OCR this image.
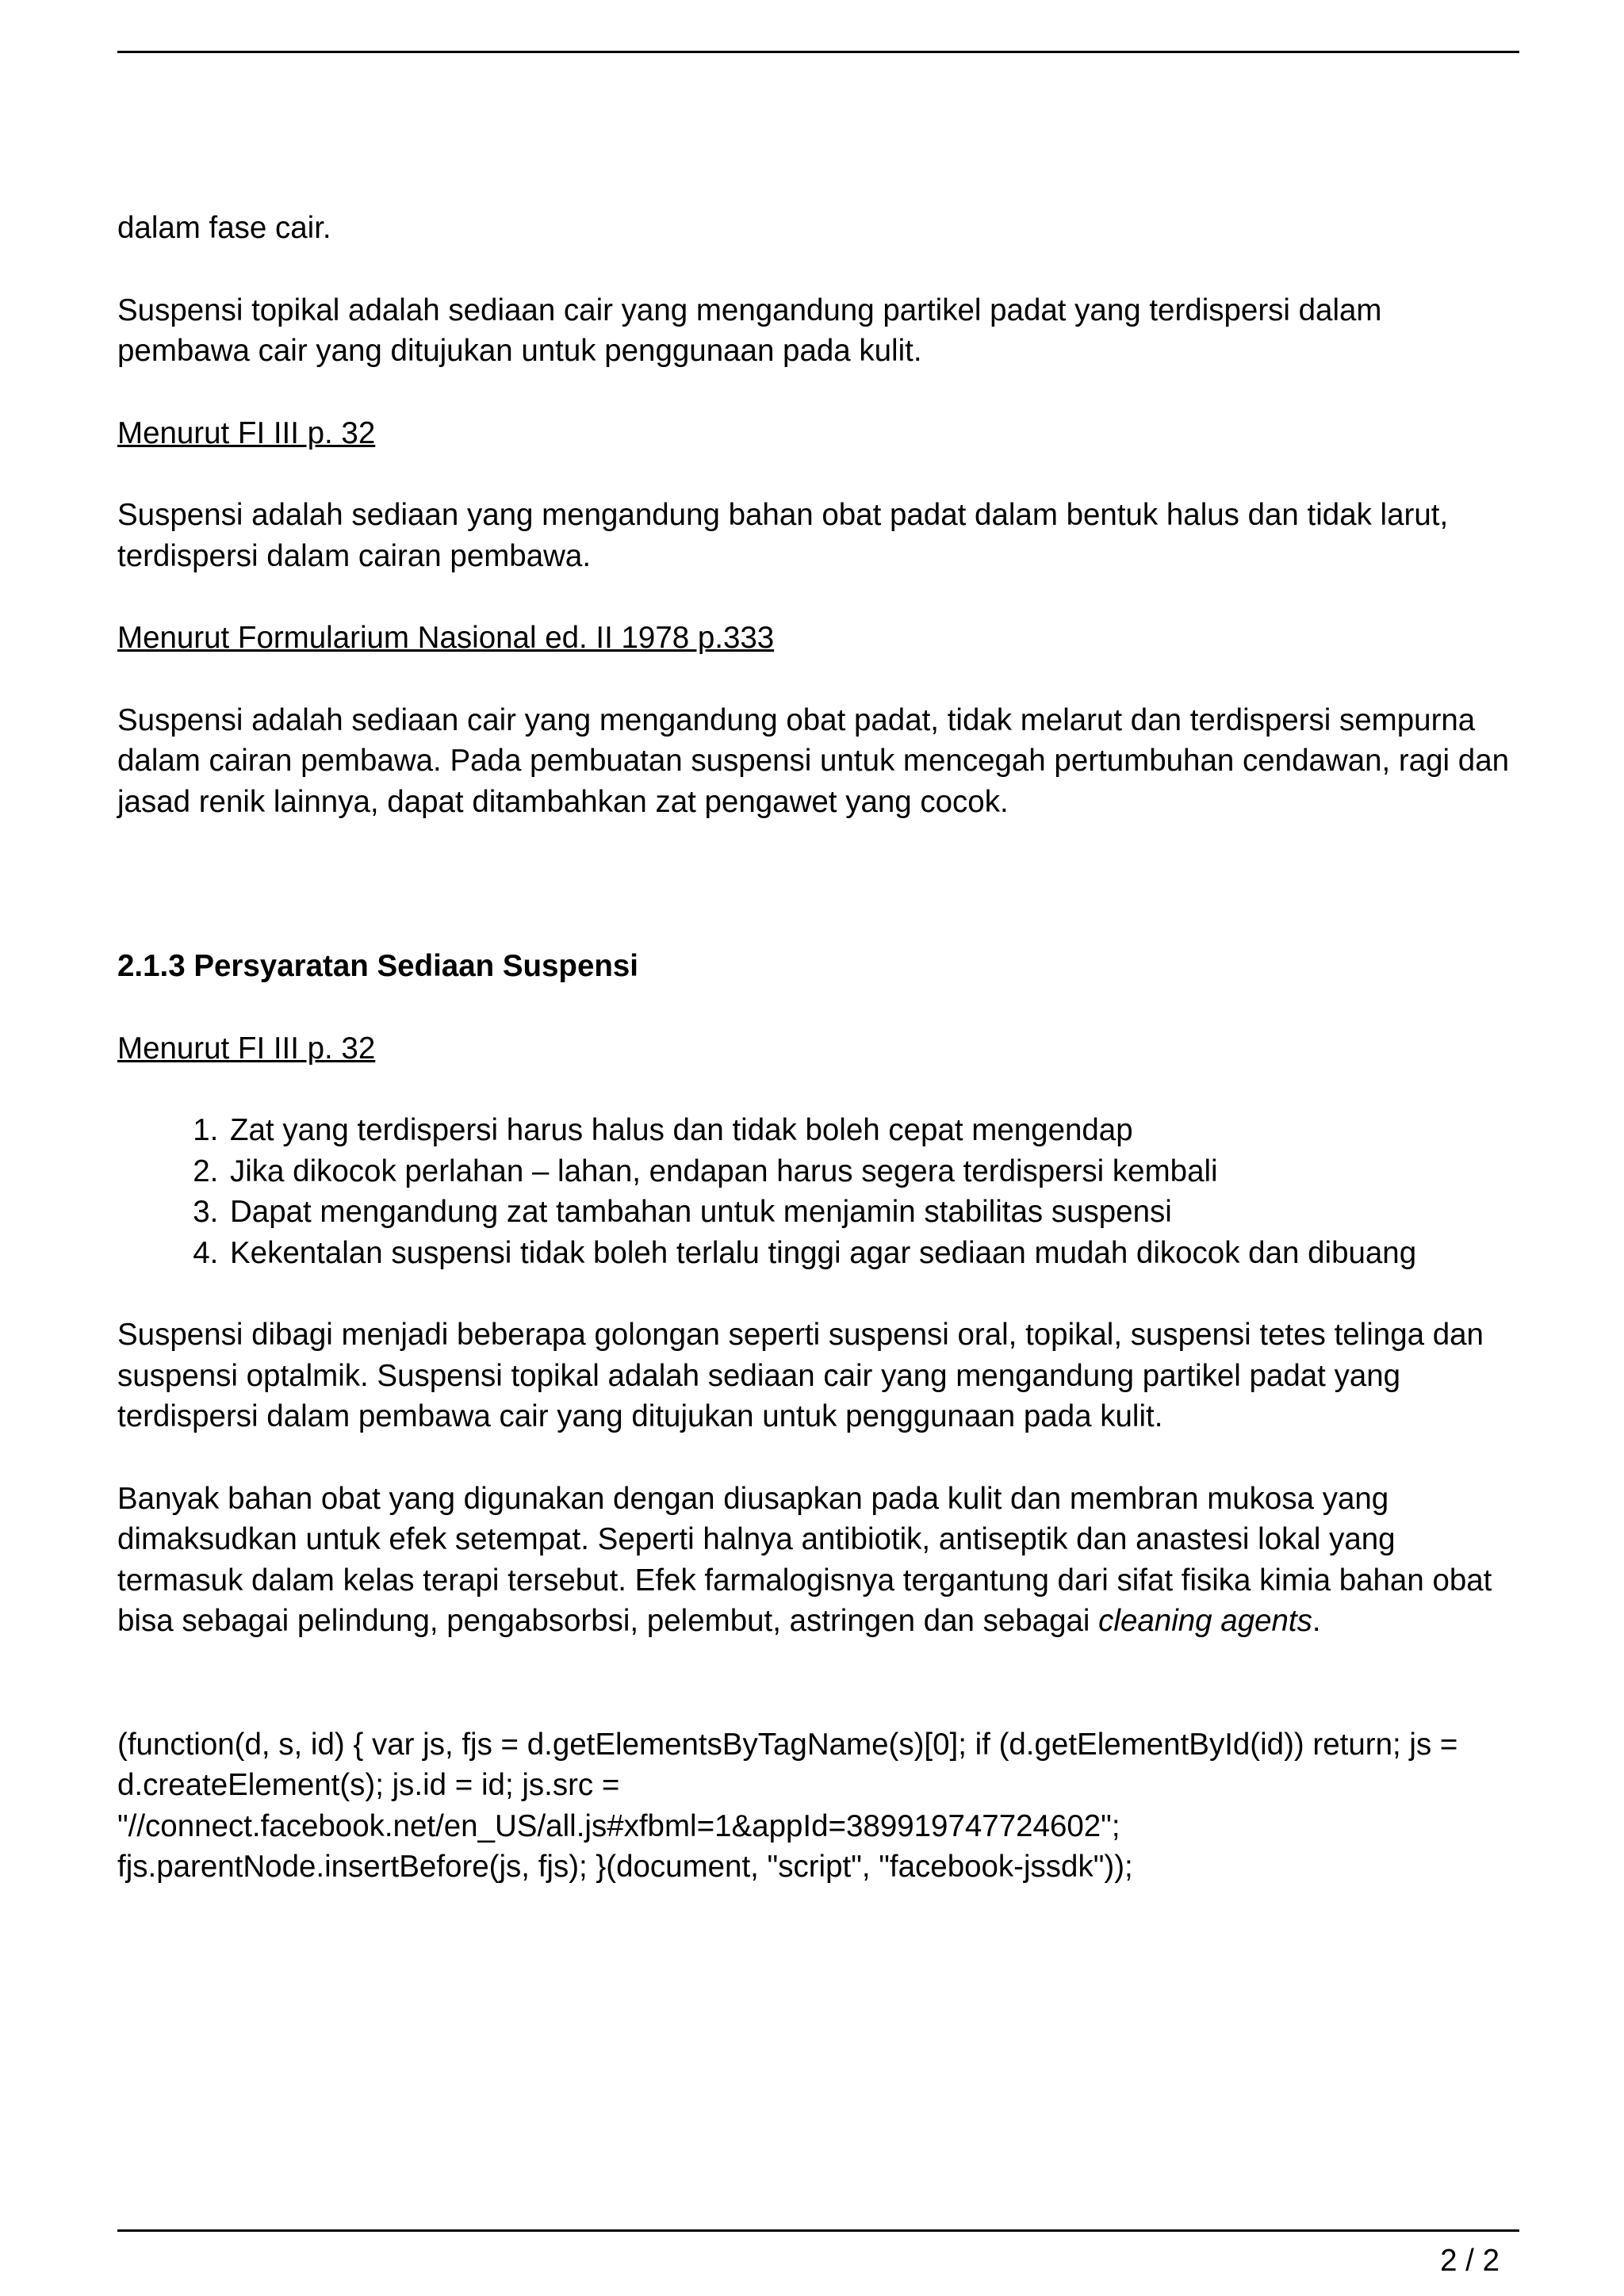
dalam fase cair.

Suspensi topikal adalah sediaan cair yang mengandung partikel padat yang terdispersi dalam pembawa cair yang ditujukan untuk penggunaan pada kulit.

Menurut FI III p. 32

Suspensi adalah sediaan yang mengandung bahan obat padat dalam bentuk halus dan tidak larut, terdispersi dalam cairan pembawa.

Menurut Formularium Nasional ed. II 1978 p.333

Suspensi adalah sediaan cair yang mengandung obat padat, tidak melarut dan terdispersi sempurna dalam cairan pembawa. Pada pembuatan suspensi untuk mencegah pertumbuhan cendawan, ragi dan jasad renik lainnya, dapat ditambahkan zat pengawet yang cocok.

2.1.3 Persyaratan Sediaan Suspensi

Menurut FI III p. 32

1. Zat yang terdispersi harus halus dan tidak boleh cepat mengendap
2. Jika dikocok perlahan – lahan, endapan harus segera terdispersi kembali
3. Dapat mengandung zat tambahan untuk menjamin stabilitas suspensi
4. Kekentalan suspensi tidak boleh terlalu tinggi agar sediaan mudah dikocok dan dibuang

Suspensi dibagi menjadi beberapa golongan seperti suspensi oral, topikal, suspensi tetes telinga dan suspensi optalmik. Suspensi topikal adalah sediaan cair yang mengandung partikel padat yang terdispersi dalam pembawa cair yang ditujukan untuk penggunaan pada kulit.

Banyak bahan obat yang digunakan dengan diusapkan pada kulit dan membran mukosa yang dimaksudkan untuk efek setempat. Seperti halnya antibiotik, antiseptik dan anastesi lokal yang termasuk dalam kelas terapi tersebut. Efek farmalogisnya tergantung dari sifat fisika kimia bahan obat bisa sebagai pelindung, pengabsorbsi, pelembut, astringen dan sebagai cleaning agents.

(function(d, s, id) { var js, fjs = d.getElementsByTagName(s)[0]; if (d.getElementById(id)) return; js = d.createElement(s); js.id = id; js.src = "//connect.facebook.net/en_US/all.js#xfbml=1&appId=389919747724602"; fjs.parentNode.insertBefore(js, fjs); }(document, "script", "facebook-jssdk"));

2 / 2
